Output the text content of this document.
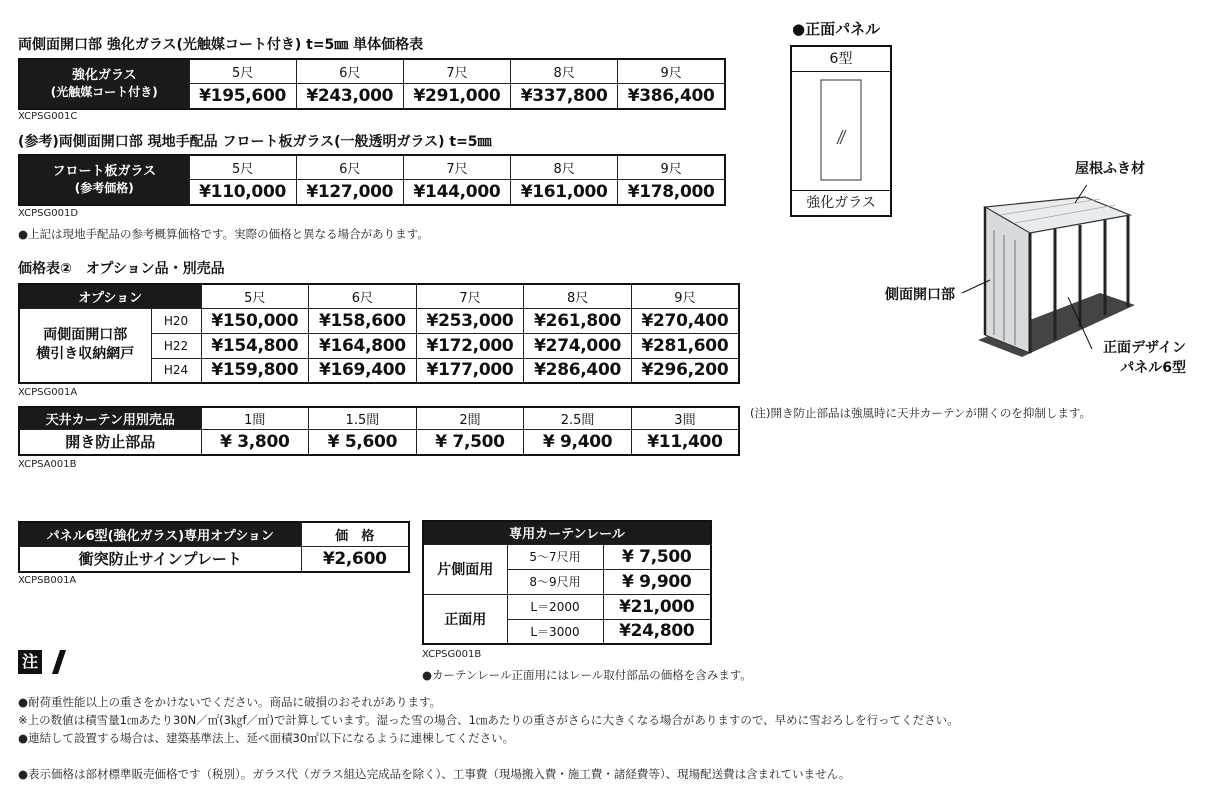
両側面開口部 強化ガラス(光触媒コート付き) t=5㎜ 単体価格表
強化ガラス
(光触媒コート付き)	5尺	6尺	7尺	8尺	9尺
	¥195,600	¥243,000	¥291,000	¥337,800	¥386,400
XCPSG001C
(参考)両側面開口部 現地手配品 フロート板ガラス(一般透明ガラス) t=5㎜
フロート板ガラス
(参考価格)	5尺	6尺	7尺	8尺	9尺
	¥110,000	¥127,000	¥144,000	¥161,000	¥178,000
XCPSG001D
●上記は現地手配品の参考概算価格です。実際の価格と異なる場合があります。
価格表②　オプション品・別売品
オプション		5尺	6尺	7尺	8尺	9尺

両側面開口部
横引き収納網戸	H20	¥150,000	¥158,600	¥253,000	¥261,800	¥270,400
	H22	¥154,800	¥164,800	¥172,000	¥274,000	¥281,600
	H24	¥159,800	¥169,400	¥177,000	¥286,400	¥296,200
XCPSG001A
天井カーテン用別売品	1間	1.5間	2間	2.5間	3間
開き防止部品	¥ 3,800	¥ 5,600	¥ 7,500	¥ 9,400	¥11,400
XCPSA001B
(注)開き防止部品は強風時に天井カーテンが開くのを抑制します。
パネル6型(強化ガラス)専用オプション	価　格
衝突防止サインプレート	¥2,600
XCPSB001A
専用カーテンレール		
片側面用	5〜7尺用	¥ 7,500
	8〜9尺用	¥ 9,900
正面用	L＝2000	¥21,000
	L＝3000	¥24,800
XCPSG001B
●カーテンレール正面用にはレール取付部品の価格を含みます。
●正面パネル
6型
強化ガラス
屋根ふき材
側面開口部
正面デザイン
パネル6型
注
●耐荷重性能以上の重さをかけないでください。商品に破損のおそれがあります。
※上の数値は積雪量1㎝あたり30N／㎡(3㎏f／㎡)で計算しています。湿った雪の場合、1㎝あたりの重さがさらに大きくなる場合がありますので、早めに雪おろしを行ってください。
●連結して設置する場合は、建築基準法上、延べ面積30㎡以下になるように連棟してください。
●表示価格は部材標準販売価格です（税別）。ガラス代（ガラス組込完成品を除く）、工事費（現場搬入費・施工費・諸経費等）、現場配送費は含まれていません。
